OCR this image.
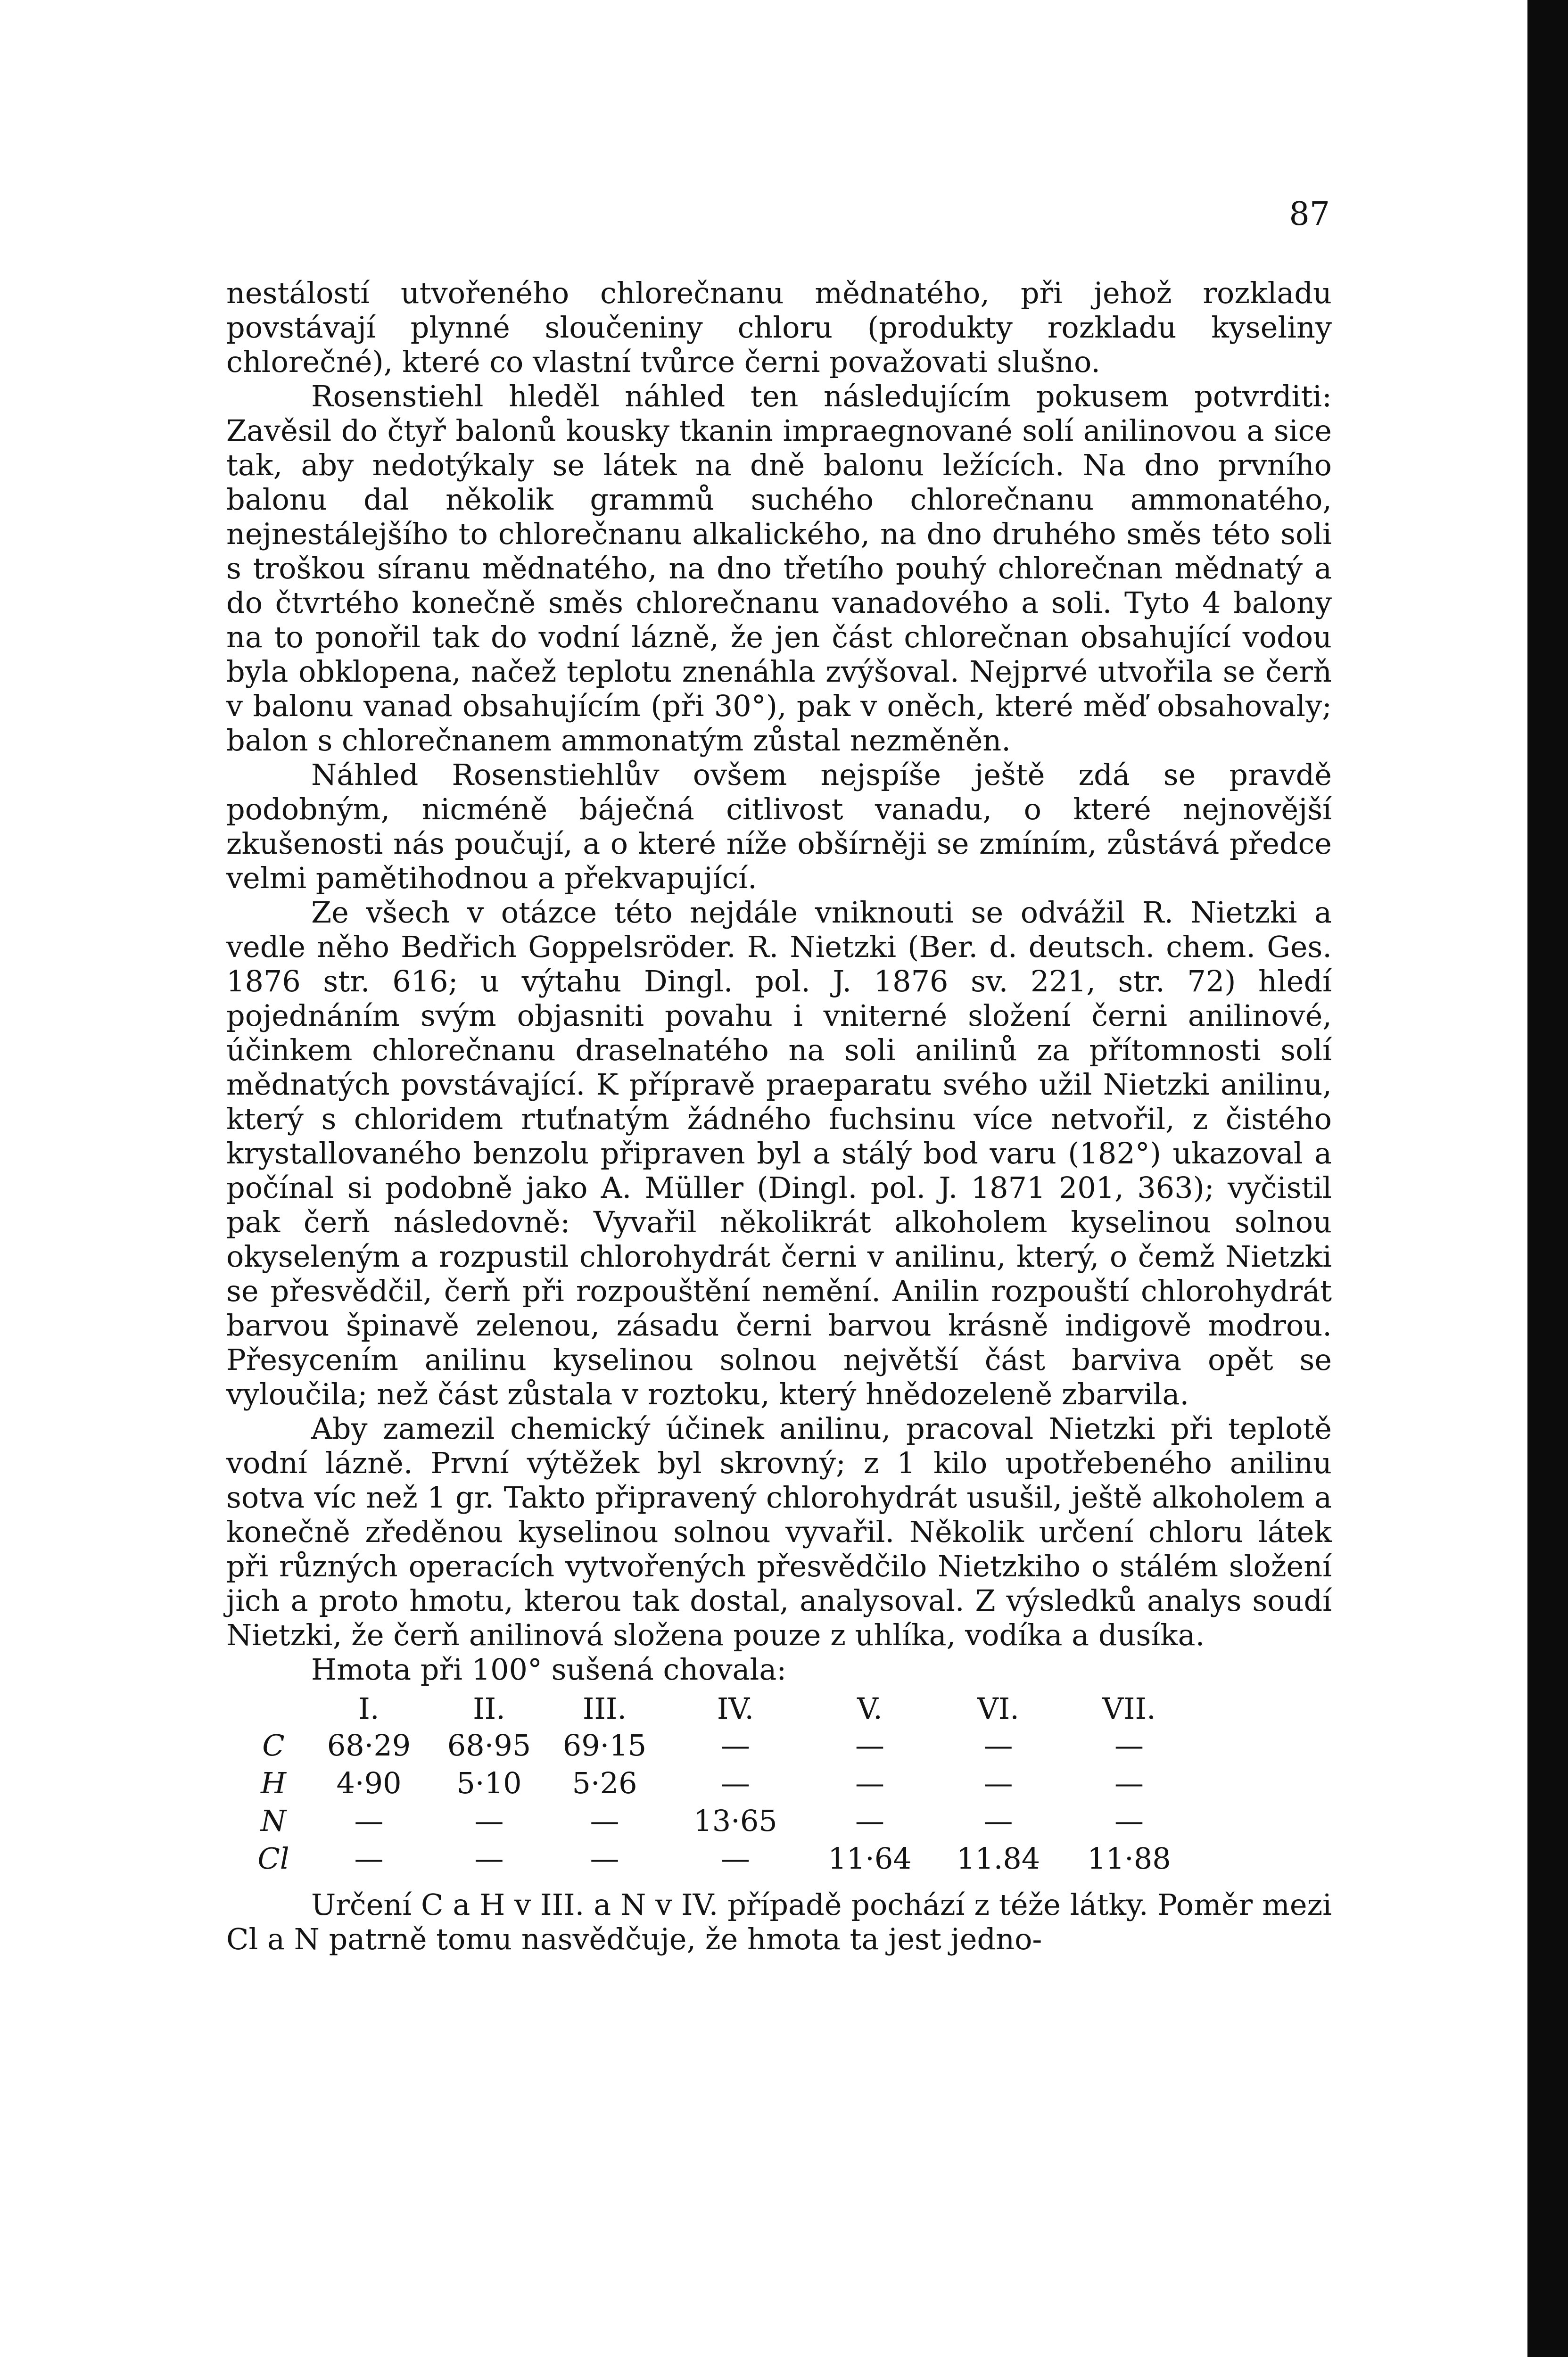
87

nestálostí utvořeného chlorečnanu mědnatého, při jehož rozkladu povstávají plynné sloučeniny chloru (produkty rozkladu kyseliny chlorečné), které co vlastní tvůrce černi považovati slušno.

Rosenstiehl hleděl náhled ten následujícím pokusem potvrditi: Zavěsil do čtyř balonů kousky tkanin impraegnované solí anilinovou a sice tak, aby nedotýkaly se látek na dně balonu ležících. Na dno prvního balonu dal několik grammů suchého chlorečnanu ammonatého, nejnestálejšího to chlorečnanu alkalického, na dno druhého směs této soli s troškou síranu mědnatého, na dno třetího pouhý chlorečnan mědnatý a do čtvrtého konečně směs chlorečnanu vanadového a soli. Tyto 4 balony na to ponořil tak do vodní lázně, že jen část chlorečnan obsahující vodou byla obklopena, načež teplotu znenáhla zvýšoval. Nejprvé utvořila se čerň v balonu vanad obsahujícím (při 30°), pak v oněch, které měď obsahovaly; balon s chlorečnanem ammonatým zůstal nezměněn.

Náhled Rosenstiehlův ovšem nejspíše ještě zdá se pravdě podobným, nicméně báječná citlivost vanadu, o které nejnovější zkušenosti nás poučují, a o které níže obšírněji se zmíním, zůstává předce velmi pamětihodnou a překvapující.

Ze všech v otázce této nejdále vniknouti se odvážil R. Nietzki a vedle něho Bedřich Goppelsröder. R. Nietzki (Ber. d. deutsch. chem. Ges. 1876 str. 616; u výtahu Dingl. pol. J. 1876 sv. 221, str. 72) hledí pojednáním svým objasniti povahu i vniterné složení černi anilinové, účinkem chlorečnanu draselnatého na soli anilinů za přítomnosti solí mědnatých povstávající. K přípravě praeparatu svého užil Nietzki anilinu, který s chloridem rtuťnatým žádného fuchsinu více netvořil, z čistého krystallovaného benzolu připraven byl a stálý bod varu (182°) ukazoval a počínal si podobně jako A. Müller (Dingl. pol. J. 1871 201, 363); vyčistil pak čerň následovně: Vyvařil několikrát alkoholem kyselinou solnou okyseleným a rozpustil chlorohydrát černi v anilinu, který, o čemž Nietzki se přesvědčil, čerň při rozpouštění nemění. Anilin rozpouští chlorohydrát barvou špinavě zelenou, zásadu černi barvou krásně indigově modrou. Přesycením anilinu kyselinou solnou největší část barviva opět se vyloučila; než část zůstala v roztoku, který hnědozeleně zbarvila.

Aby zamezil chemický účinek anilinu, pracoval Nietzki při teplotě vodní lázně. První výtěžek byl skrovný; z 1 kilo upotřebeného anilinu sotva víc než 1 gr. Takto připravený chlorohydrát usušil, ještě alkoholem a konečně zředěnou kyselinou solnou vyvařil. Několik určení chloru látek při různých operacích vytvořených přesvědčilo Nietzkiho o stálém složení jich a proto hmotu, kterou tak dostal, analysoval. Z výsledků analys soudí Nietzki, že čerň anilinová složena pouze z uhlíka, vodíka a dusíka.

Hmota při 100° sušená chovala:

	I.	II.	III.	IV.	V.	VI.	VII.
C	68·29	68·95	69·15	—	—	—	—
H	4·90	5·10	5·26	—	—	—	—
N	—	—	—	13·65	—	—	—
Cl	—	—	—	—	11·64	11.84	11·88

Určení C a H v III. a N v IV. případě pochází z téže látky. Poměr mezi Cl a N patrně tomu nasvědčuje, že hmota ta jest jedno-
